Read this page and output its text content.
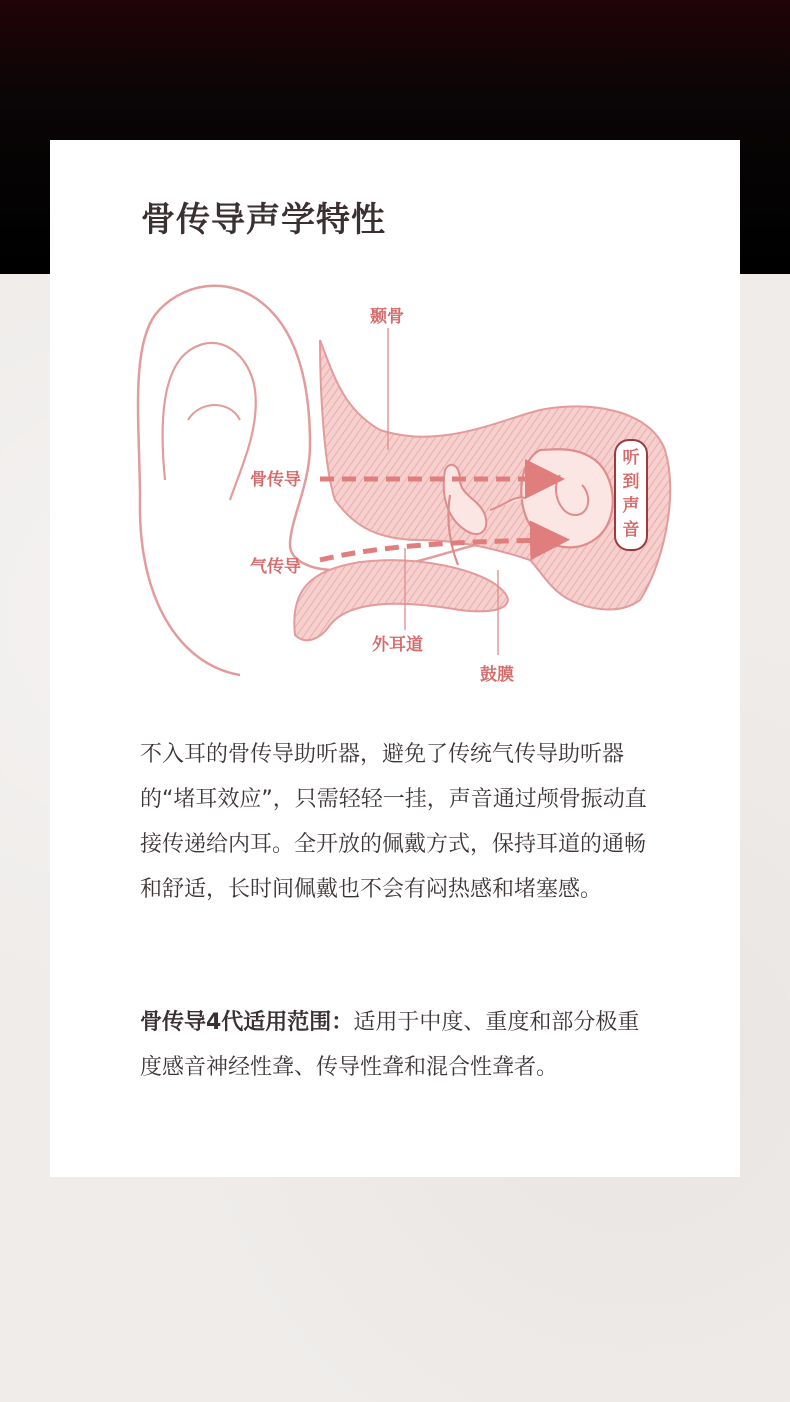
骨传导声学特性
颞骨
骨传导
气传导
外耳道
鼓膜
听
到
声
音

不入耳的骨传导助听器，避免了传统气传导助听器的“堵耳效应”，只需轻轻一挂，声音通过颅骨振动直接传递给内耳。全开放的佩戴方式，保持耳道的通畅和舒适，长时间佩戴也不会有闷热感和堵塞感。

骨传导4代适用范围：适用于中度、重度和部分极重度感音神经性聋、传导性聋和混合性聋者。
